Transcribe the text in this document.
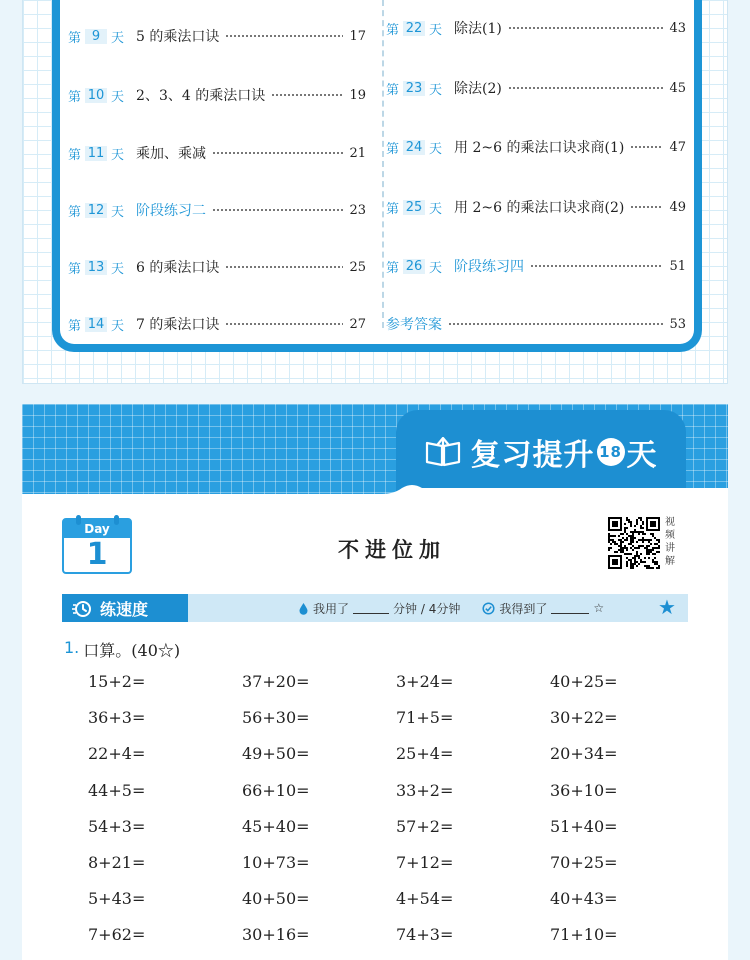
第 9 天 5 的乘法口诀	17
第 10 天 2、3、4 的乘法口诀	19
第 11 天 乘加、乘减	21
第 12 天 阶段练习二	23
第 13 天 6 的乘法口诀	25
第 14 天 7 的乘法口诀	27
第 22 天 除法(1)	43
第 23 天 除法(2)	45
第 24 天 用 2~6 的乘法口诀求商(1)	47
第 25 天 用 2~6 的乘法口诀求商(2)	49
第 26 天 阶段练习四	51
参考答案	53
复习提升 18 天
Day
1	不进位加
视频讲解
练速度	我用了	分钟 / 4分钟	我得到了	☆	★
1. 口算。(40☆)
15+2=	37+20=	3+24=	40+25=
36+3=	56+30=	71+5=	30+22=
22+4=	49+50=	25+4=	20+34=
44+5=	66+10=	33+2=	36+10=
54+3=	45+40=	57+2=	51+40=
8+21=	10+73=	7+12=	70+25=
5+43=	40+50=	4+54=	40+43=
7+62=	30+16=	74+3=	71+10=
